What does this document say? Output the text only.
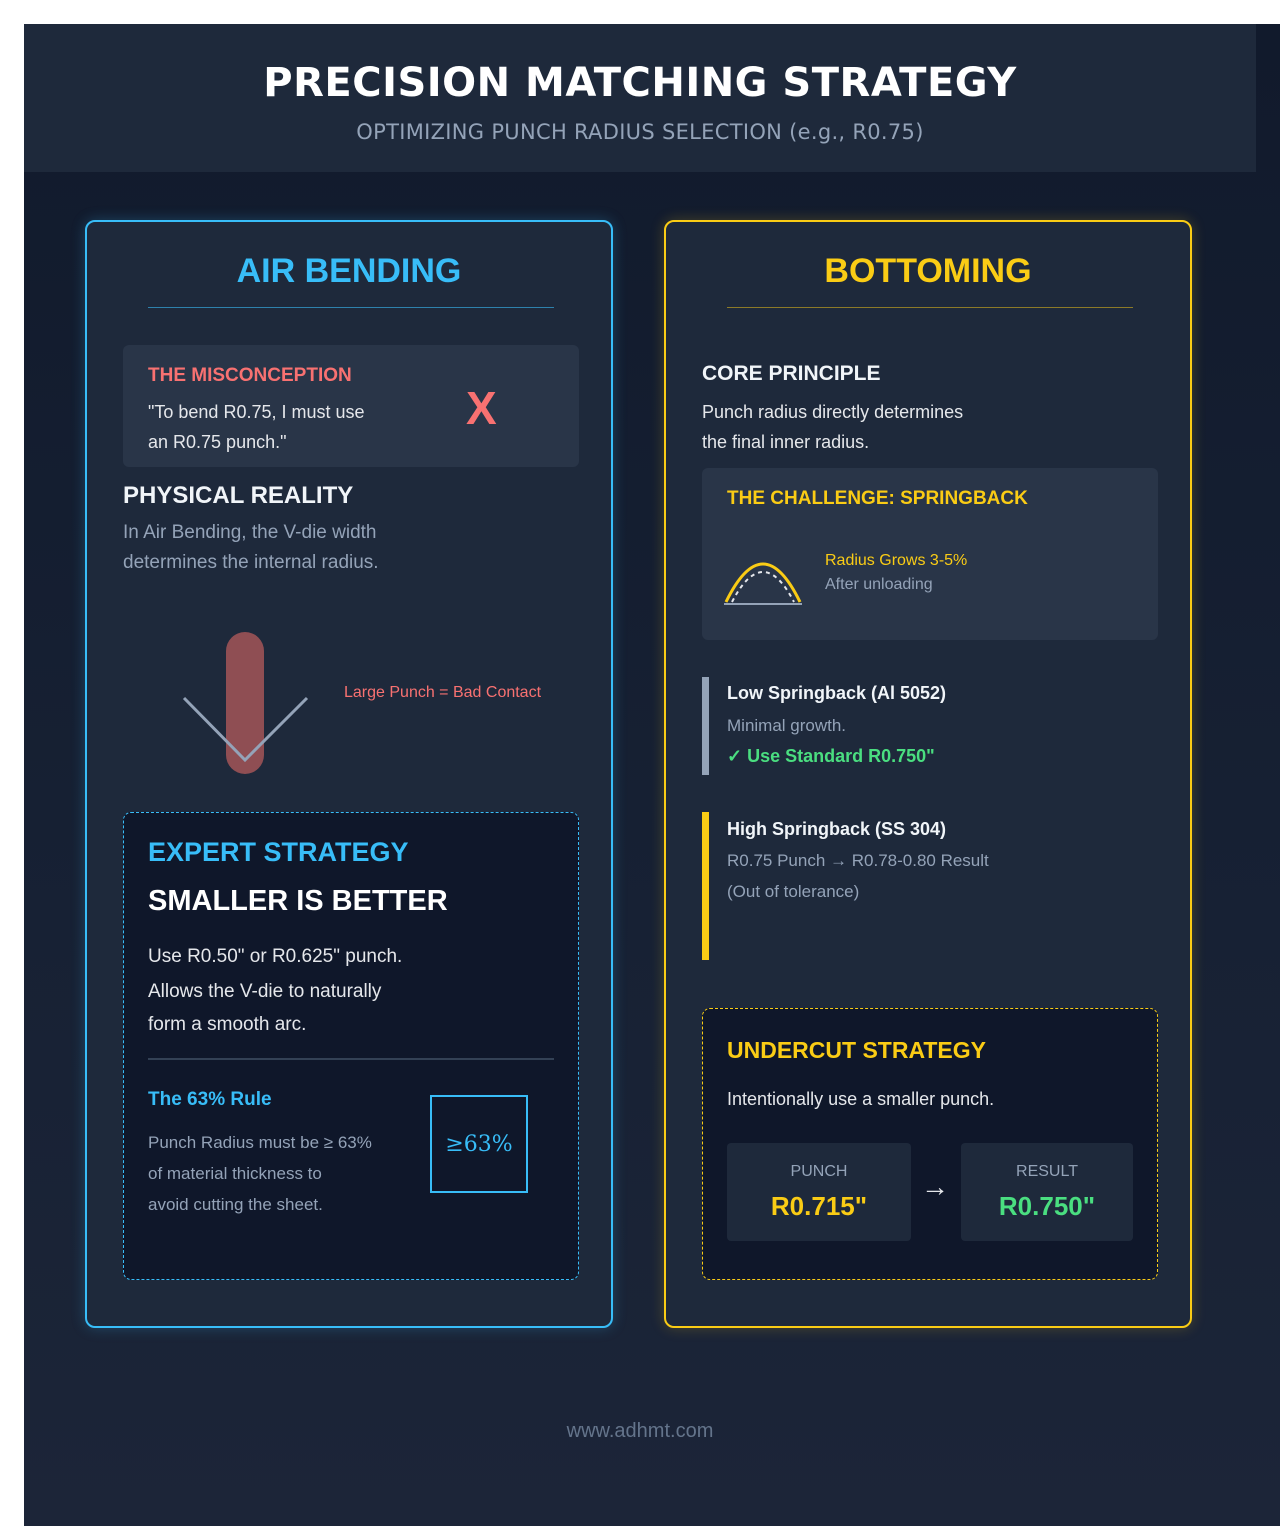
PRECISION MATCHING STRATEGY
OPTIMIZING PUNCH RADIUS SELECTION (e.g., R0.75)
AIR BENDING
THE MISCONCEPTION
"To bend R0.75, I must use
an R0.75 punch."
X
PHYSICAL REALITY
In Air Bending, the V-die width
determines the internal radius.
Large Punch = Bad Contact
EXPERT STRATEGY
SMALLER IS BETTER
Use R0.50" or R0.625" punch.
Allows the V-die to naturally
form a smooth arc.
The 63% Rule
Punch Radius must be ≥ 63%
of material thickness to
avoid cutting the sheet.
≥63%
BOTTOMING
CORE PRINCIPLE
Punch radius directly determines
the final inner radius.
THE CHALLENGE: SPRINGBACK
Radius Grows 3-5%
After unloading
Low Springback (Al 5052)
Minimal growth.
✓ Use Standard R0.750"
High Springback (SS 304)
R0.75 Punch → R0.78-0.80 Result
(Out of tolerance)
UNDERCUT STRATEGY
Intentionally use a smaller punch.
PUNCH
R0.715"
→	RESULT
R0.750"
www.adhmt.com
